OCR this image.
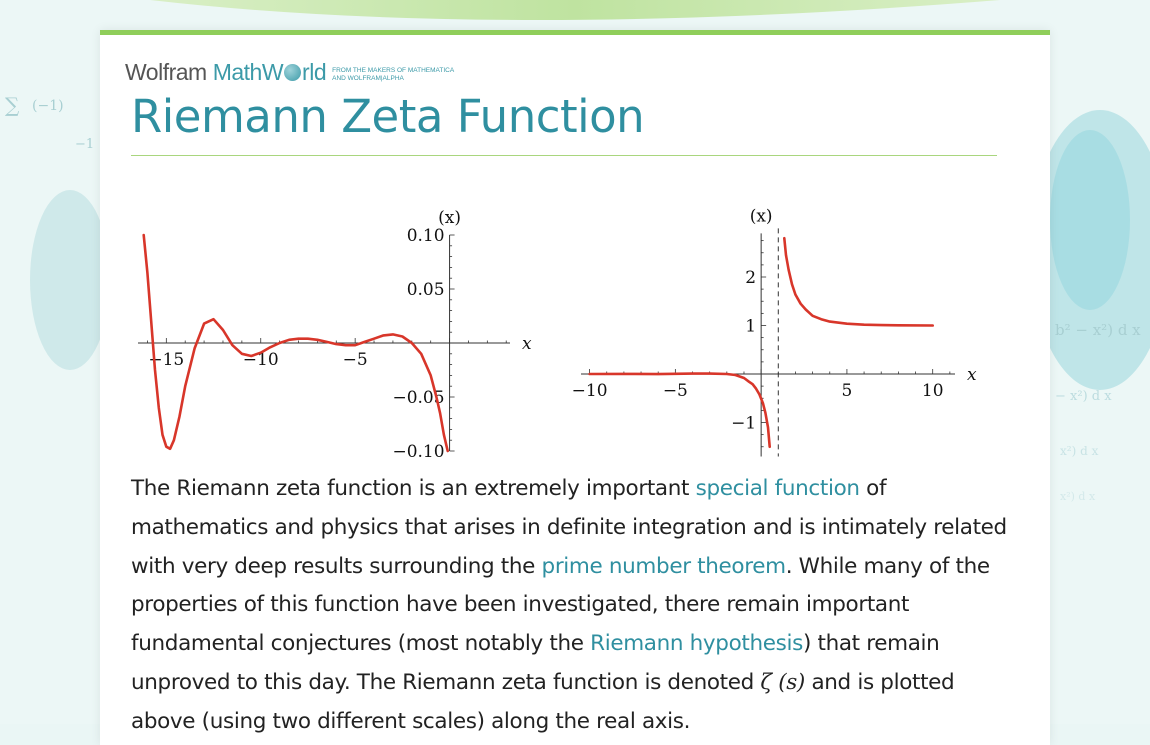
∑ (−1)
−1
b² − x²) d x
− x²) d x
x²) d x
x²) d x
Wolfram MathW rld FROM THE MAKERS OF MATHEMATICA
AND WOLFRAM|ALPHA
Riemann Zeta Function
−15	−10	−5
0.10
0.05
−0.05
−0.10
x
(x)
−10	−5	5	10
2
1
−1
x
(x)

The Riemann zeta function is an extremely important special function of mathematics and physics that arises in definite integration and is intimately related with very deep results surrounding the prime number theorem. While many of the properties of this function have been investigated, there remain important fundamental conjectures (most notably the Riemann hypothesis) that remain unproved to this day. The Riemann zeta function is denoted ζ (s) and is plotted above (using two different scales) along the real axis.
